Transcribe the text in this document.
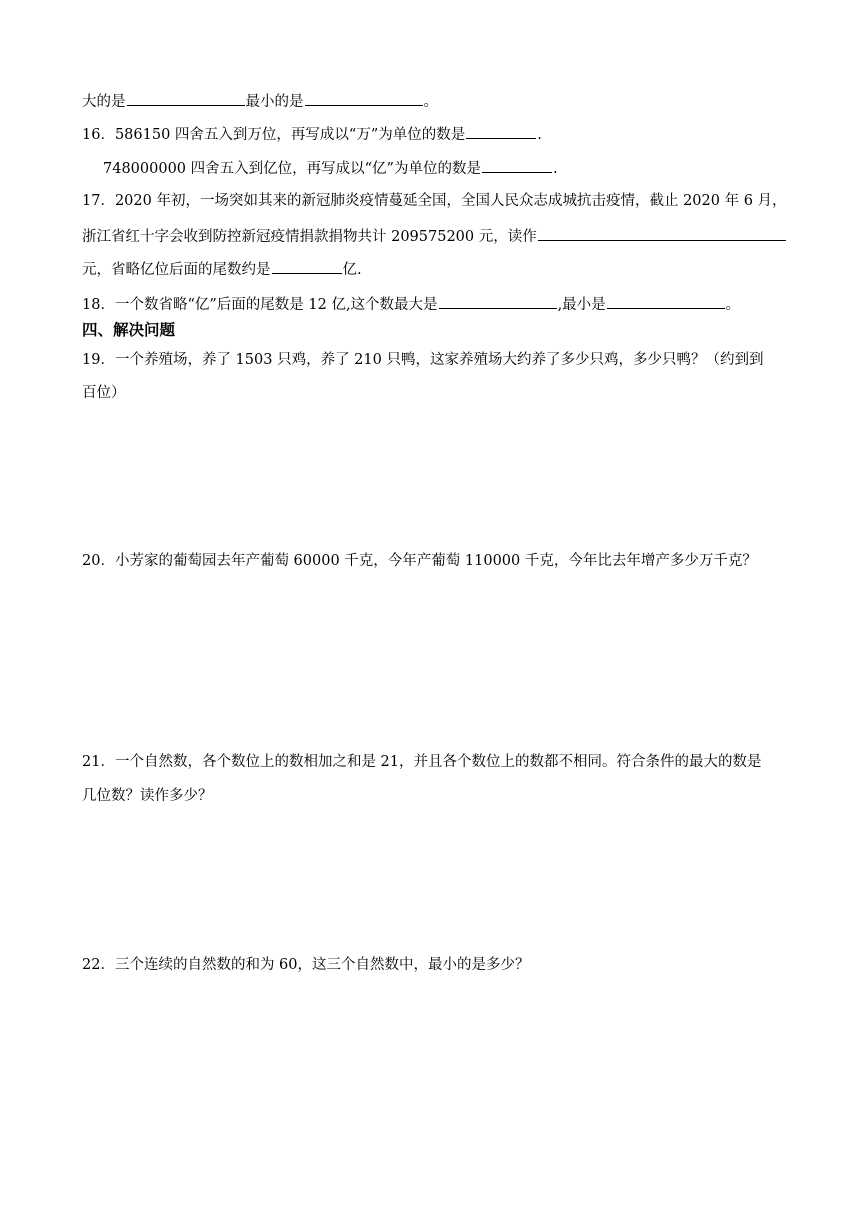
大的是	最小的是	。
16．586150 四舍五入到万位，再写成以“万”为单位的数是	.
748000000 四舍五入到亿位，再写成以“亿”为单位的数是	.
17．2020 年初，一场突如其来的新冠肺炎疫情蔓延全国，全国人民众志成城抗击疫情，截止 2020 年 6 月，
浙江省红十字会收到防控新冠疫情捐款捐物共计 209575200 元，读作
元，省略亿位后面的尾数约是	亿.
18．一个数省略“亿”后面的尾数是 12 亿,这个数最大是	,最小是	。
四、解决问题
19．一个养殖场，养了 1503 只鸡，养了 210 只鸭，这家养殖场大约养了多少只鸡，多少只鸭？（约到到
百位）
20．小芳家的葡萄园去年产葡萄 60000 千克，今年产葡萄 110000 千克，今年比去年增产多少万千克？
21．一个自然数，各个数位上的数相加之和是 21，并且各个数位上的数都不相同。符合条件的最大的数是
几位数？读作多少？
22．三个连续的自然数的和为 60，这三个自然数中，最小的是多少？
